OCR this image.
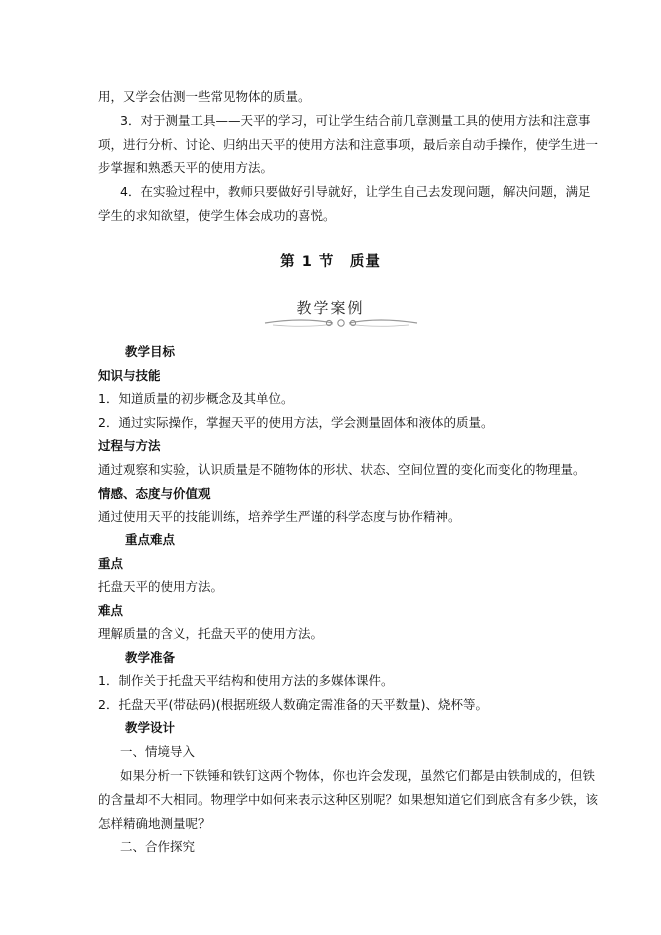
用，又学会估测一些常见物体的质量。
3．对于测量工具——天平的学习，可让学生结合前几章测量工具的使用方法和注意事
项，进行分析、讨论、归纳出天平的使用方法和注意事项，最后亲自动手操作，使学生进一
步掌握和熟悉天平的使用方法。
4．在实验过程中，教师只要做好引导就好，让学生自己去发现问题，解决问题，满足
学生的求知欲望，使学生体会成功的喜悦。
第 1 节　质量
教学案例
教学目标
知识与技能
1．知道质量的初步概念及其单位。
2．通过实际操作，掌握天平的使用方法，学会测量固体和液体的质量。
过程与方法
通过观察和实验，认识质量是不随物体的形状、状态、空间位置的变化而变化的物理量。
情感、态度与价值观
通过使用天平的技能训练，培养学生严谨的科学态度与协作精神。
重点难点
重点
托盘天平的使用方法。
难点
理解质量的含义，托盘天平的使用方法。
教学准备
1．制作关于托盘天平结构和使用方法的多媒体课件。
2．托盘天平(带砝码)(根据班级人数确定需准备的天平数量)、烧杯等。
教学设计
一、情境导入
如果分析一下铁锤和铁钉这两个物体，你也许会发现，虽然它们都是由铁制成的，但铁
的含量却不大相同。物理学中如何来表示这种区别呢？如果想知道它们到底含有多少铁，该
怎样精确地测量呢？
二、合作探究
